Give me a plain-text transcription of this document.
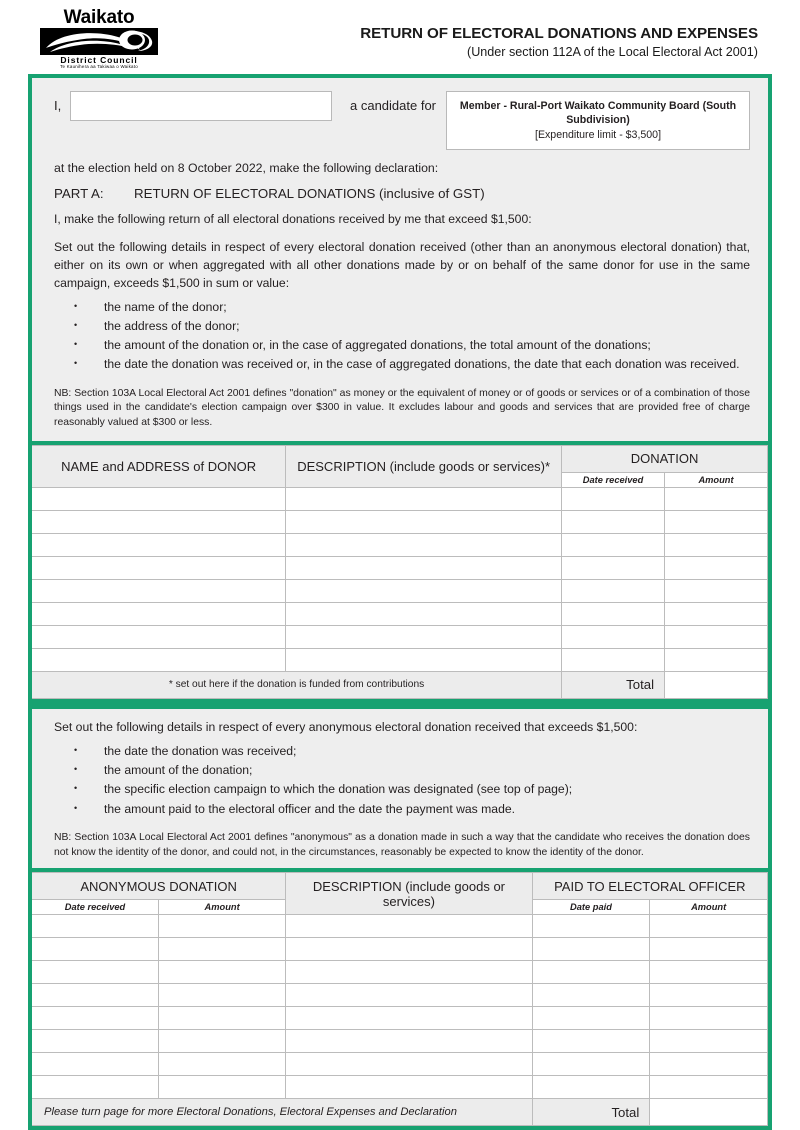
Waikato
District Council
Te Kaunihera aa Takiwaa o Waikato
RETURN OF ELECTORAL DONATIONS AND EXPENSES
(Under section 112A of the Local Electoral Act 2001)
I,	a candidate for	Member - Rural-Port Waikato Community Board (South Subdivision)
[Expenditure limit - $3,500]
at the election held on 8 October 2022, make the following declaration:
PART A:	RETURN OF ELECTORAL DONATIONS (inclusive of GST)
I, make the following return of all electoral donations received by me that exceed $1,500:
Set out the following details in respect of every electoral donation received (other than an anonymous electoral donation) that, either on its own or when aggregated with all other donations made by or on behalf of the same donor for use in the same campaign, exceeds $1,500 in sum or value:
• the name of the donor;
• the address of the donor;
• the amount of the donation or, in the case of aggregated donations, the total amount of the donations;
• the date the donation was received or, in the case of aggregated donations, the date that each donation was received.
NB: Section 103A Local Electoral Act 2001 defines "donation" as money or the equivalent of money or of goods or services or of a combination of those things used in the candidate's election campaign over $300 in value. It excludes labour and goods and services that are provided free of charge reasonably valued at $300 or less.
NAME and ADDRESS of DONOR	DESCRIPTION (include goods or services)*	DONATION	
		Date received	Amount

* set out here if the donation is funded from contributions		Total	
Set out the following details in respect of every anonymous electoral donation received that exceeds $1,500:
• the date the donation was received;
• the amount of the donation;
• the specific election campaign to which the donation was designated (see top of page);
• the amount paid to the electoral officer and the date the payment was made.
NB: Section 103A Local Electoral Act 2001 defines "anonymous" as a donation made in such a way that the candidate who receives the donation does not know the identity of the donor, and could not, in the circumstances, reasonably be expected to know the identity of the donor.
ANONYMOUS DONATION		DESCRIPTION (include goods or services)	PAID TO ELECTORAL OFFICER	
Date received	Amount		Date paid	Amount

Please turn page for more Electoral Donations, Electoral Expenses and Declaration			Total	
